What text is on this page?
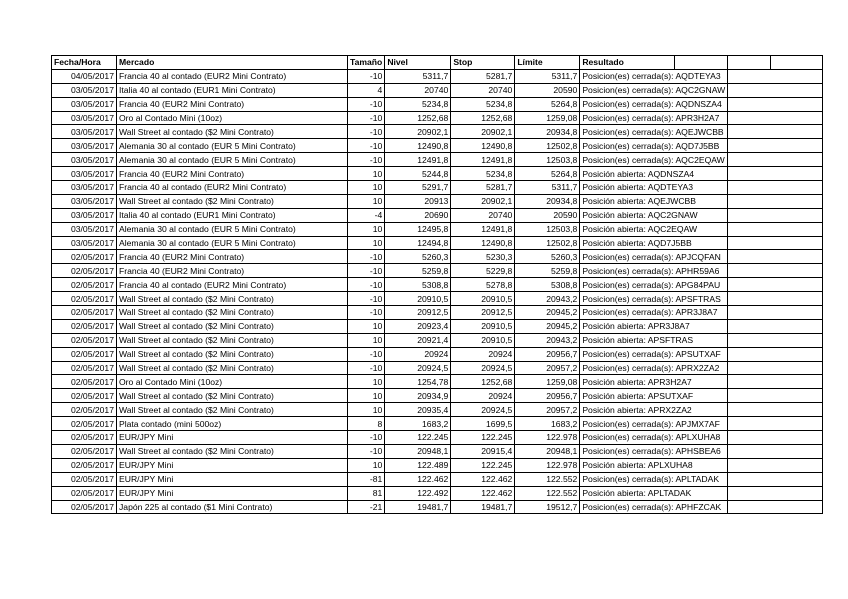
Fecha/Hora	Mercado	Tamaño	Nivel	Stop	Límite	Resultado			
04/05/2017	Francia 40 al contado (EUR2 Mini Contrato)	-10	5311,7	5281,7	5311,7	Posicion(es) cerrada(s): AQDTEYA3			
03/05/2017	Italia 40 al contado (EUR1 Mini Contrato)	4	20740	20740	20590	Posicion(es) cerrada(s): AQC2GNAW			
03/05/2017	Francia 40 (EUR2 Mini Contrato)	-10	5234,8	5234,8	5264,8	Posicion(es) cerrada(s): AQDNSZA4			
03/05/2017	Oro al Contado Mini (10oz)	-10	1252,68	1252,68	1259,08	Posicion(es) cerrada(s): APR3H2A7			
03/05/2017	Wall Street al contado ($2 Mini Contrato)	-10	20902,1	20902,1	20934,8	Posicion(es) cerrada(s): AQEJWCBB			
03/05/2017	Alemania 30 al contado (EUR 5 Mini Contrato)	-10	12490,8	12490,8	12502,8	Posicion(es) cerrada(s): AQD7J5BB			
03/05/2017	Alemania 30 al contado (EUR 5 Mini Contrato)	-10	12491,8	12491,8	12503,8	Posicion(es) cerrada(s): AQC2EQAW			
03/05/2017	Francia 40 (EUR2 Mini Contrato)	10	5244,8	5234,8	5264,8	Posición abierta: AQDNSZA4			
03/05/2017	Francia 40 al contado (EUR2 Mini Contrato)	10	5291,7	5281,7	5311,7	Posición abierta: AQDTEYA3			
03/05/2017	Wall Street al contado ($2 Mini Contrato)	10	20913	20902,1	20934,8	Posición abierta: AQEJWCBB			
03/05/2017	Italia 40 al contado (EUR1 Mini Contrato)	-4	20690	20740	20590	Posición abierta: AQC2GNAW			
03/05/2017	Alemania 30 al contado (EUR 5 Mini Contrato)	10	12495,8	12491,8	12503,8	Posición abierta: AQC2EQAW			
03/05/2017	Alemania 30 al contado (EUR 5 Mini Contrato)	10	12494,8	12490,8	12502,8	Posición abierta: AQD7J5BB			
02/05/2017	Francia 40 (EUR2 Mini Contrato)	-10	5260,3	5230,3	5260,3	Posicion(es) cerrada(s): APJCQFAN			
02/05/2017	Francia 40 (EUR2 Mini Contrato)	-10	5259,8	5229,8	5259,8	Posicion(es) cerrada(s): APHR59A6			
02/05/2017	Francia 40 al contado (EUR2 Mini Contrato)	-10	5308,8	5278,8	5308,8	Posicion(es) cerrada(s): APG84PAU			
02/05/2017	Wall Street al contado ($2 Mini Contrato)	-10	20910,5	20910,5	20943,2	Posicion(es) cerrada(s): APSFTRAS			
02/05/2017	Wall Street al contado ($2 Mini Contrato)	-10	20912,5	20912,5	20945,2	Posicion(es) cerrada(s): APR3J8A7			
02/05/2017	Wall Street al contado ($2 Mini Contrato)	10	20923,4	20910,5	20945,2	Posición abierta: APR3J8A7			
02/05/2017	Wall Street al contado ($2 Mini Contrato)	10	20921,4	20910,5	20943,2	Posición abierta: APSFTRAS			
02/05/2017	Wall Street al contado ($2 Mini Contrato)	-10	20924	20924	20956,7	Posicion(es) cerrada(s): APSUTXAF			
02/05/2017	Wall Street al contado ($2 Mini Contrato)	-10	20924,5	20924,5	20957,2	Posicion(es) cerrada(s): APRX2ZA2			
02/05/2017	Oro al Contado Mini (10oz)	10	1254,78	1252,68	1259,08	Posición abierta: APR3H2A7			
02/05/2017	Wall Street al contado ($2 Mini Contrato)	10	20934,9	20924	20956,7	Posición abierta: APSUTXAF			
02/05/2017	Wall Street al contado ($2 Mini Contrato)	10	20935,4	20924,5	20957,2	Posición abierta: APRX2ZA2			
02/05/2017	Plata contado (mini 500oz)	8	1683,2	1699,5	1683,2	Posicion(es) cerrada(s): APJMX7AF			
02/05/2017	EUR/JPY Mini	-10	122.245	122.245	122.978	Posicion(es) cerrada(s): APLXUHA8			
02/05/2017	Wall Street al contado ($2 Mini Contrato)	-10	20948,1	20915,4	20948,1	Posicion(es) cerrada(s): APHSBEA6			
02/05/2017	EUR/JPY Mini	10	122.489	122.245	122.978	Posición abierta: APLXUHA8			
02/05/2017	EUR/JPY Mini	-81	122.462	122.462	122.552	Posicion(es) cerrada(s): APLTADAK			
02/05/2017	EUR/JPY Mini	81	122.492	122.462	122.552	Posición abierta: APLTADAK			
02/05/2017	Japón 225 al contado ($1 Mini Contrato)	-21	19481,7	19481,7	19512,7	Posicion(es) cerrada(s): APHFZCAK			
